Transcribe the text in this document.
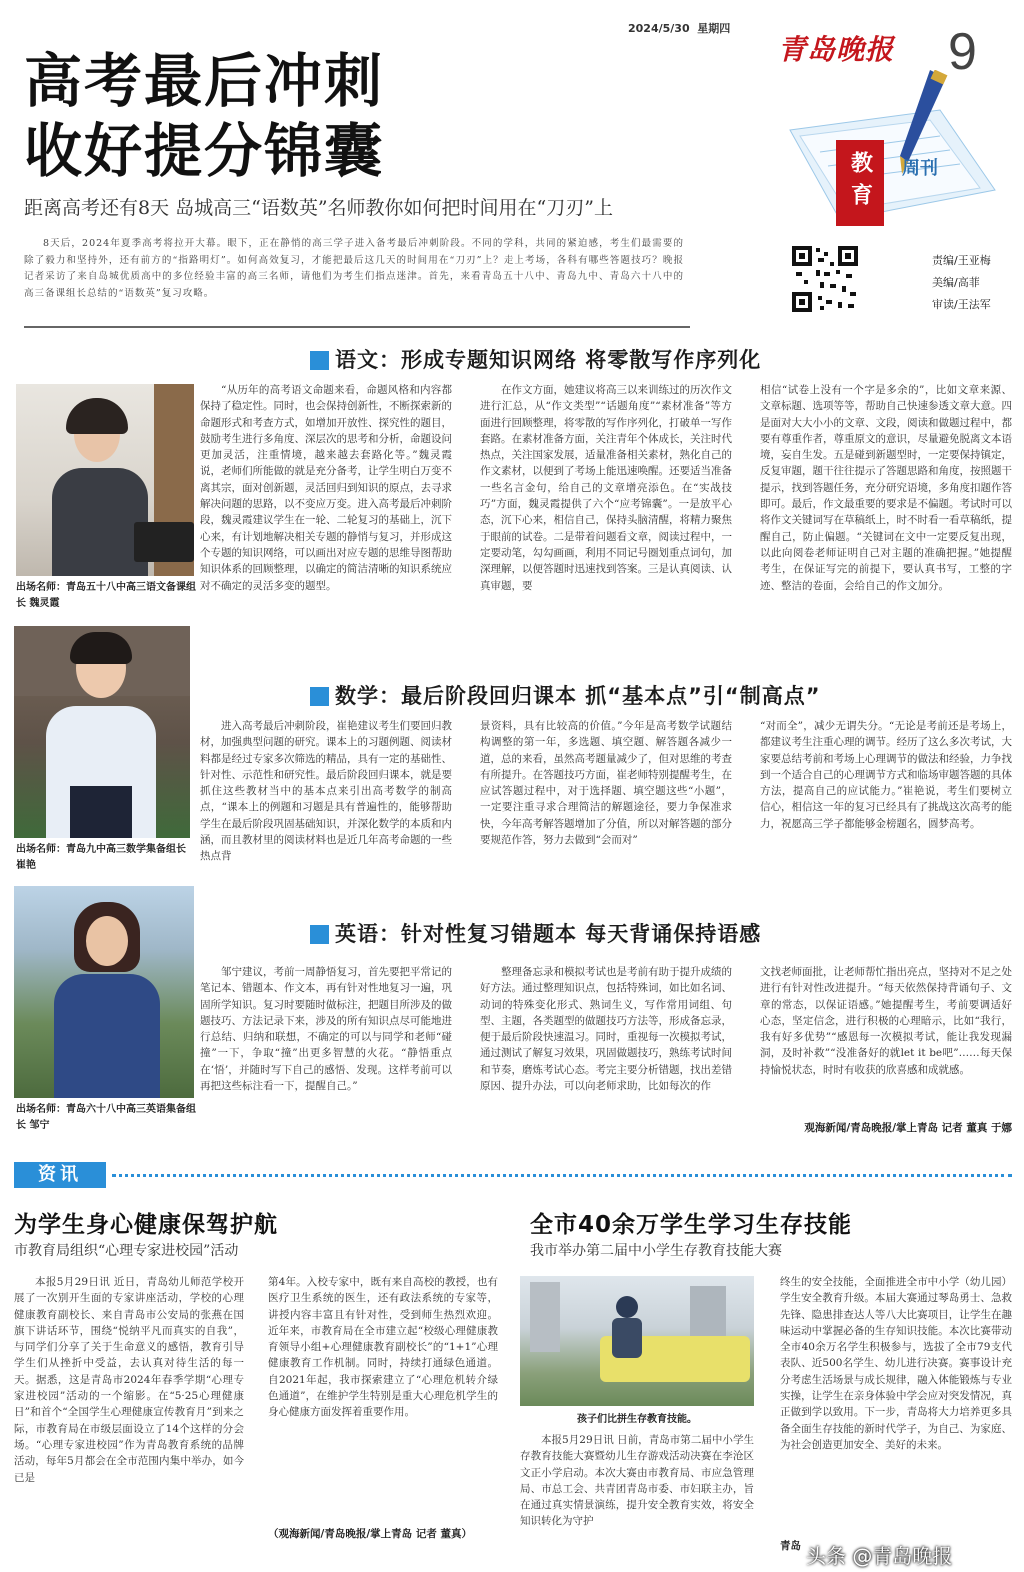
2024/5/30 星期四
青岛晚报 9
教育 周刊
高考最后冲刺
收好提分锦囊
距离高考还有8天 岛城高三“语数英”名师教你如何把时间用在“刀刃”上
8天后，2024年夏季高考将拉开大幕。眼下，正在静悄的高三学子进入备考最后冲刺阶段。不同的学科，共同的紧迫感，考生们最需要的除了毅力和坚持外，还有前方的“指路明灯”。如何高效复习，才能把最后这几天的时间用在“刀刃”上？走上考场，各科有哪些答题技巧？晚报记者采访了来自岛城优质高中的多位经验丰富的高三名师，请他们为考生们指点迷津。首先，来看青岛五十八中、青岛九中、青岛六十八中的高三备课组长总结的“语数英”复习攻略。
责编/王亚梅
美编/高菲
审读/王法军
语文：形成专题知识网络 将零散写作序列化
出场名师：青岛五十八中高三语文备课组长 魏灵霞
“从历年的高考语文命题来看，命题风格和内容都保持了稳定性。同时，也会保持创新性，不断探索新的命题形式和考查方式，如增加开放性、探究性的题目，鼓励考生进行多角度、深层次的思考和分析，命题设问更加灵活，注重情境，越来越去套路化等。”魏灵霞说，老师们所能做的就是充分备考，让学生明白万变不离其宗，面对创新题，灵活回归到知识的原点，去寻求解决问题的思路，以不变应万变。进入高考最后冲刺阶段，魏灵霞建议学生在一轮、二轮复习的基础上，沉下心来，有计划地解决相关专题的静悄与复习，并形成这个专题的知识网络，可以画出对应专题的思维导图帮助知识体系的回顾整理，以确定的简洁清晰的知识系统应对不确定的灵活多变的题型。
在作文方面，她建议将高三以来训练过的历次作文进行汇总，从“作文类型”“话题角度”“素材准备”等方面进行回顾整理，将零散的写作序列化，打破单一写作套路。在素材准备方面，关注青年个体成长，关注时代热点，关注国家发展，适量准备相关素材，熟化自己的作文素材，以便到了考场上能迅速唤醒。还要适当准备一些名言金句，给自己的文章增亮添色。在“实战技巧”方面，魏灵霞提供了六个“应考锦囊”。一是放平心态，沉下心来，相信自己，保持头脑清醒，将精力聚焦于眼前的试卷。二是带着问题看文章，阅读过程中，一定要动笔，勾勾画画，利用不同记号圈划重点词句，加深理解，以便答题时迅速找到答案。三是认真阅读、认真审题，要
相信“试卷上没有一个字是多余的”，比如文章来源、文章标题、选项等等，帮助自己快速参透文章大意。四是面对大大小小的文章、文段，阅读和做题过程中，都要有尊重作者，尊重原文的意识，尽量避免脱离文本语境，妄自生发。五是碰到新题型时，一定要保持镇定，反复审题，题干往往提示了答题思路和角度，按照题干提示，找到答题任务，充分研究语境，多角度扣题作答即可。最后，作文最重要的要求是不偏题。考试时可以将作文关键词写在草稿纸上，时不时看一看草稿纸，提醒自己，防止偏题。“关键词在文中一定要反复出现，以此向阅卷老师证明自己对主题的准确把握。”她提醒考生，在保证写完的前提下，要认真书写，工整的字迹、整洁的卷面，会给自己的作文加分。
数学：最后阶段回归课本 抓“基本点”引“制高点”
出场名师：青岛九中高三数学集备组长 崔艳
进入高考最后冲刺阶段，崔艳建议考生们要回归教材，加强典型问题的研究。课本上的习题例题、阅读材料都是经过专家多次筛选的精品，具有一定的基础性、针对性、示范性和研究性。最后阶段回归课本，就是要抓住这些教材当中的基本点来引出高考数学的制高点，“课本上的例题和习题是具有普遍性的，能够帮助学生在最后阶段巩固基础知识，并深化数学的本质和内涵，而且教材里的阅读材料也是近几年高考命题的一些热点背
景资料，具有比较高的价值。”今年是高考数学试题结构调整的第一年，多选题、填空题、解答题各减少一道，总的来看，虽然高考题量减少了，但对思维的考查有所提升。在答题技巧方面，崔老师特别提醒考生，在应试答题过程中，对于选择题、填空题这些“小题”，一定要注重寻求合理简洁的解题途径，要力争保准求快，今年高考解答题增加了分值，所以对解答题的部分要规范作答，努力去做到“会而对”
“对而全”，减少无谓失分。“无论是考前还是考场上，都建议考生注重心理的调节。经历了这么多次考试，大家要总结考前和考场上心理调节的做法和经验，力争找到一个适合自己的心理调节方式和临场审题答题的具体方法，提高自己的应试能力。”崔艳说，考生们要树立信心，相信这一年的复习已经具有了挑战这次高考的能力，祝愿高三学子都能够金榜题名，圆梦高考。
英语：针对性复习错题本 每天背诵保持语感
出场名师：青岛六十八中高三英语集备组长 邹宁
邹宁建议，考前一周静悟复习，首先要把平常记的笔记本、错题本、作文本，再有针对性地复习一遍，巩固所学知识。复习时要随时做标注，把题目所涉及的做题技巧、方法记录下来，涉及的所有知识点尽可能地进行总结、归纳和联想，不确定的可以与同学和老师“碰撞”一下，争取“撞”出更多智慧的火花。“静悟重点在‘悟’，并随时写下自己的感悟、发现。这样考前可以再把这些标注看一下，提醒自己。”
整理备忘录和模拟考试也是考前有助于提升成绩的好方法。通过整理知识点，包括特殊词，如比如名词、动词的特殊变化形式、熟词生义，写作常用词组、句型、主题，各类题型的做题技巧方法等，形成备忘录，便于最后阶段快速温习。同时，重视每一次模拟考试，通过测试了解复习效果，巩固做题技巧，熟练考试时间和节奏，磨炼考试心态。考完主要分析错题，找出差错原因、提升办法，可以向老师求助，比如每次的作
文找老师面批，让老师帮忙指出亮点，坚持对不足之处进行有针对性改进提升。“每天依然保持背诵句子、文章的常态，以保证语感。”她提醒考生，考前要调适好心态，坚定信念，进行积极的心理暗示，比如“我行，我有好多优势”“感恩每一次模拟考试，能让我发现漏洞，及时补救”“没准备好的就let it be吧”……每天保持愉悦状态，时时有收获的欣喜感和成就感。
观海新闻/青岛晚报/掌上青岛 记者 董真 于娜
资讯
为学生身心健康保驾护航
市教育局组织“心理专家进校园”活动
本报5月29日讯 近日，青岛幼儿师范学校开展了一次别开生面的专家讲座活动，学校的心理健康教育副校长、来自青岛市公安局的张燕在国旗下讲话环节，围绕“悦纳平凡而真实的自我”，与同学们分享了关于生命意义的感悟，教育引导学生们从挫折中受益，去认真对待生活的每一天。据悉，这是青岛市2024年春季学期“心理专家进校园”活动的一个缩影。在“5·25心理健康日”和首个“全国学生心理健康宣传教育月”到来之际，市教育局在市级层面设立了14个这样的分会场。“心理专家进校园”作为青岛教育系统的品牌活动，每年5月都会在全市范围内集中举办，如今已是
第4年。入校专家中，既有来自高校的教授，也有医疗卫生系统的医生，还有政法系统的专家等，讲授内容丰富且有针对性，受到师生热烈欢迎。近年来，市教育局在全市建立起“校级心理健康教育领导小组+心理健康教育副校长”的“1+1”心理健康教育工作机制。同时，持续打通绿色通道。自2021年起，我市探索建立了“心理危机转介绿色通道”，在维护学生特别是重大心理危机学生的身心健康方面发挥着重要作用。
（观海新闻/青岛晚报/掌上青岛 记者 董真）
全市40余万学生学习生存技能
我市举办第二届中小学生存教育技能大赛
孩子们比拼生存教育技能。
本报5月29日讯 日前，青岛市第二届中小学生存教育技能大赛暨幼儿生存游戏活动决赛在李沧区文正小学启动。本次大赛由市教育局、市应急管理局、市总工会、共青团青岛市委、市妇联主办，旨在通过真实情景演练，提升安全教育实效，将安全知识转化为守护
终生的安全技能，全面推进全市中小学（幼儿园）学生安全教育升级。本届大赛通过琴岛勇士、急救先锋、隐患排查达人等八大比赛项目，让学生在趣味运动中掌握必备的生存知识技能。本次比赛带动全市40余万名学生积极参与，选拔了全市79支代表队、近500名学生、幼儿进行决赛。赛事设计充分考虑生活场景与成长规律，融入体能锻炼与专业实操，让学生在亲身体验中学会应对突发情况，真正做到学以致用。下一步，青岛将大力培养更多具备全面生存技能的新时代学子，为自己、为家庭、为社会创造更加安全、美好的未来。
青岛 头条 @青岛晚报
